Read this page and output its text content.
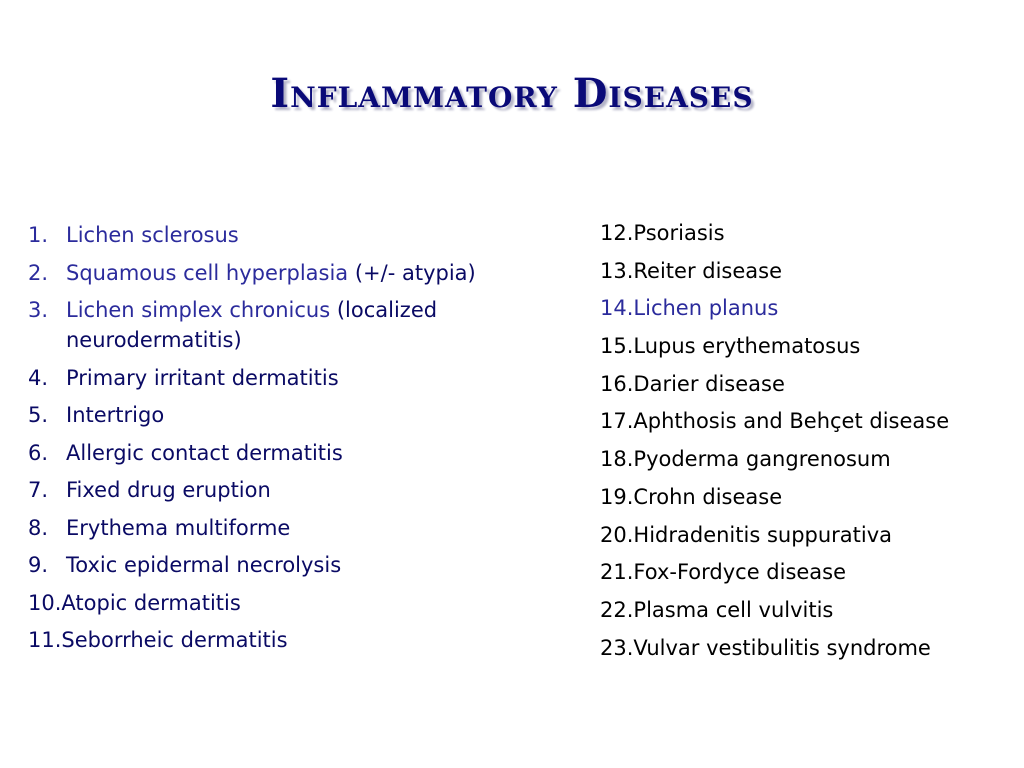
Inflammatory Diseases
1. Lichen sclerosus
2. Squamous cell hyperplasia (+/- atypia)
3. Lichen simplex chronicus (localized neurodermatitis)
4. Primary irritant dermatitis
5. Intertrigo
6. Allergic contact dermatitis
7. Fixed drug eruption
8. Erythema multiforme
9. Toxic epidermal necrolysis
10. Atopic dermatitis
11. Seborrheic dermatitis
12. Psoriasis
13. Reiter disease
14. Lichen planus
15. Lupus erythematosus
16. Darier disease
17. Aphthosis and Behçet disease
18. Pyoderma gangrenosum
19. Crohn disease
20. Hidradenitis suppurativa
21. Fox-Fordyce disease
22. Plasma cell vulvitis
23. Vulvar vestibulitis syndrome
